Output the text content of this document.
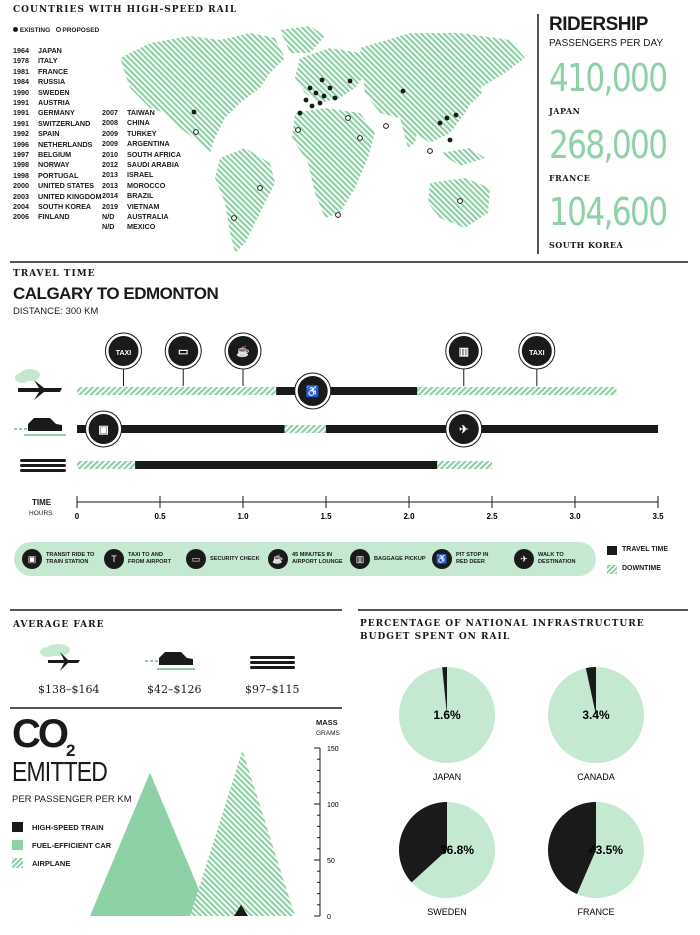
COUNTRIES WITH HIGH-SPEED RAIL
EXISTING PROPOSED
1964 JAPAN
1978 ITALY
1981 FRANCE
1984 RUSSIA
1990 SWEDEN
1991 AUSTRIA
1991 GERMANY
1991 SWITZERLAND
1992 SPAIN
1996 NETHERLANDS
1997 BELGIUM
1998 NORWAY
1998 PORTUGAL
2000 UNITED STATES
2003 UNITED KINGDOM
2004 SOUTH KOREA
2006 FINLAND
2007 TAIWAN
2008 CHINA
2009 TURKEY
2009 ARGENTINA
2010 SOUTH AFRICA
2012 SAUDI ARABIA
2013 ISRAEL
2013 MOROCCO
2014 BRAZIL
2019 VIETNAM
N/D AUSTRALIA
N/D MEXICO
RIDERSHIP
PASSENGERS PER DAY
410,000
JAPAN
268,000
FRANCE
104,600
SOUTH KOREA
TRAVEL TIME
CALGARY TO EDMONTON
DISTANCE: 300 KM
TAXI	▭	☕
♿
▥	TAXI
▣	✈
0	0.5	1.0	1.5	2.0	2.5	3.0	3.5
TIME
HOURS
▣	TRANSIT RIDE TO
TRAIN STATION	T	TAXI TO AND
FROM AIRPORT	▭	SECURITY CHECK	☕	45 MINUTES IN
AIRPORT LOUNGE	▥	BAGGAGE PICKUP	♿	PIT STOP IN
RED DEER	✈	WALK TO
DESTINATION
TRAVEL TIME
DOWNTIME
AVERAGE FARE
$138–$164	$42–$126	$97–$115
$CO_2$
EMITTED
PER PASSENGER PER KM
HIGH-SPEED TRAIN
FUEL-EFFICIENT CAR
AIRPLANE
MASS
GRAMS
0
50
100
150
PERCENTAGE OF NATIONAL INFRASTRUCTURE
BUDGET SPENT ON RAIL
1.6%
JAPAN
3.4%
CANADA
36.8%
SWEDEN
43.5%
FRANCE
